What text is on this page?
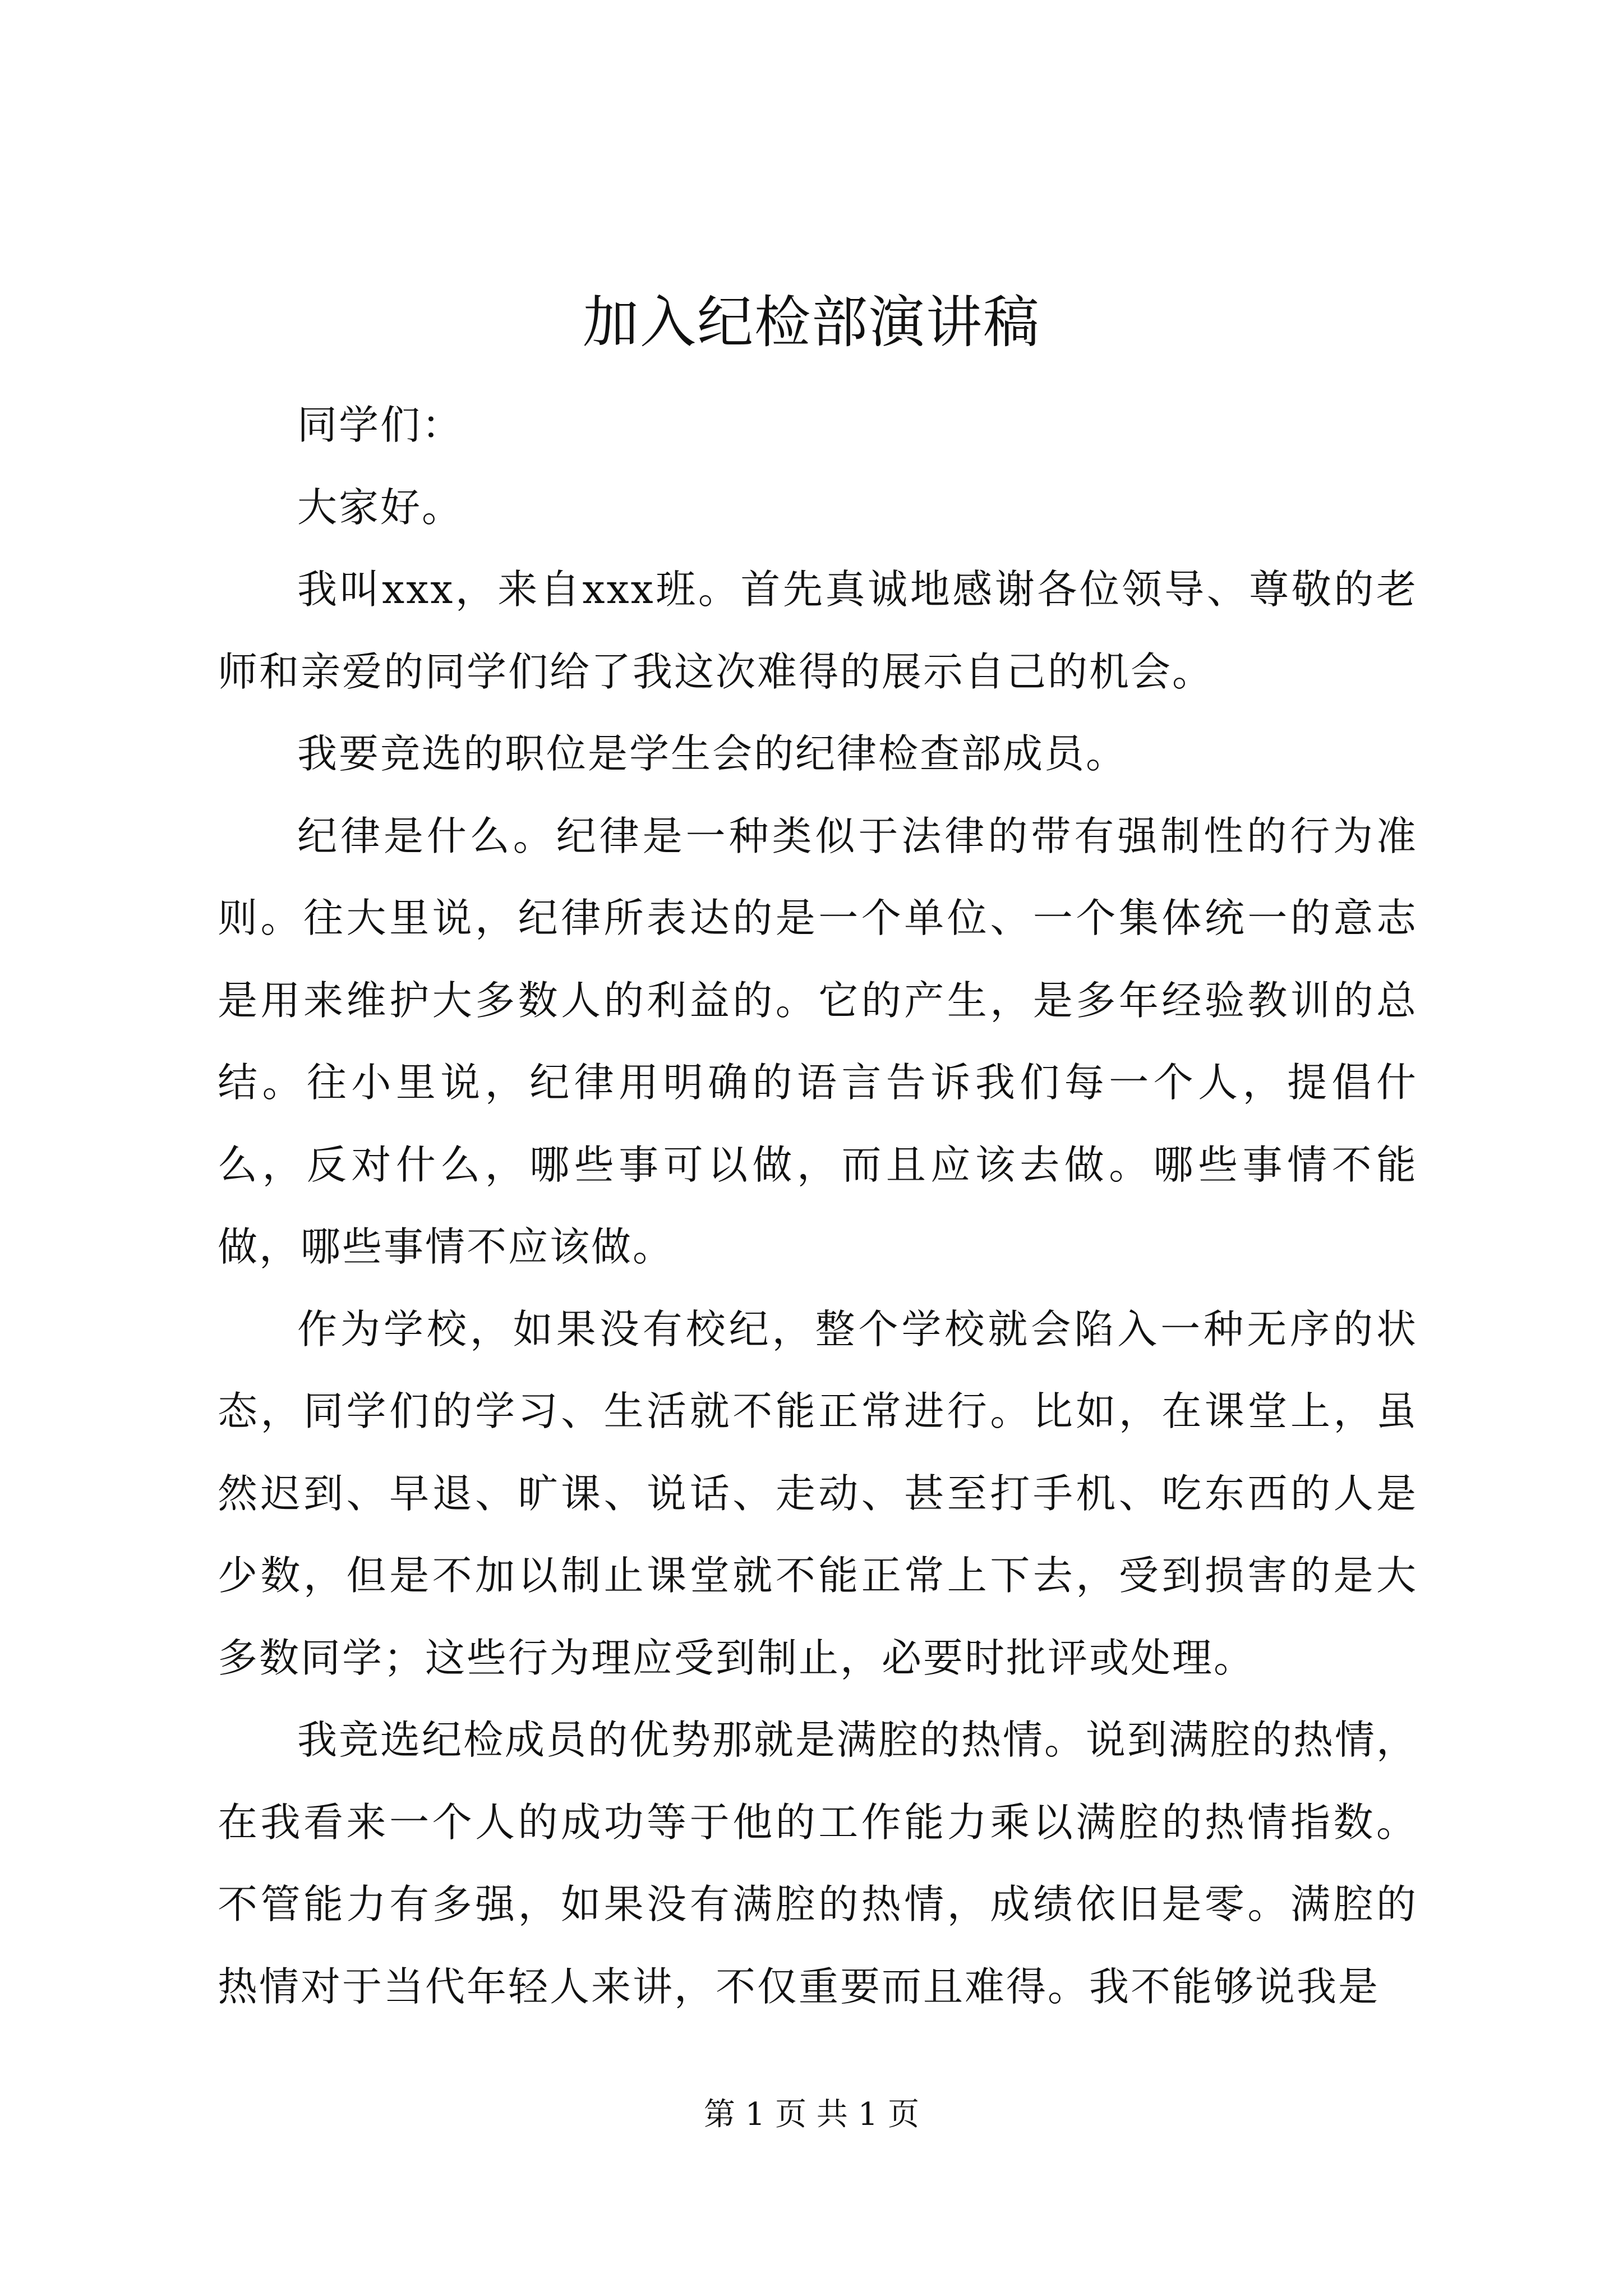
加入纪检部演讲稿

同学们：

大家好。

我叫xxx，来自xxx班。首先真诚地感谢各位领导、尊敬的老师和亲爱的同学们给了我这次难得的展示自己的机会。

我要竞选的职位是学生会的纪律检查部成员。

纪律是什么。纪律是一种类似于法律的带有强制性的行为准则。往大里说，纪律所表达的是一个单位、一个集体统一的意志是用来维护大多数人的利益的。它的产生，是多年经验教训的总结。往小里说，纪律用明确的语言告诉我们每一个人，提倡什么，反对什么，哪些事可以做，而且应该去做。哪些事情不能做，哪些事情不应该做。

作为学校，如果没有校纪，整个学校就会陷入一种无序的状态，同学们的学习、生活就不能正常进行。比如，在课堂上，虽然迟到、早退、旷课、说话、走动、甚至打手机、吃东西的人是少数，但是不加以制止课堂就不能正常上下去，受到损害的是大多数同学；这些行为理应受到制止，必要时批评或处理。

我竞选纪检成员的优势那就是满腔的热情。说到满腔的热情，在我看来一个人的成功等于他的工作能力乘以满腔的热情指数。不管能力有多强，如果没有满腔的热情，成绩依旧是零。满腔的热情对于当代年轻人来讲，不仅重要而且难得。我不能够说我是

第 1 页 共 1 页
